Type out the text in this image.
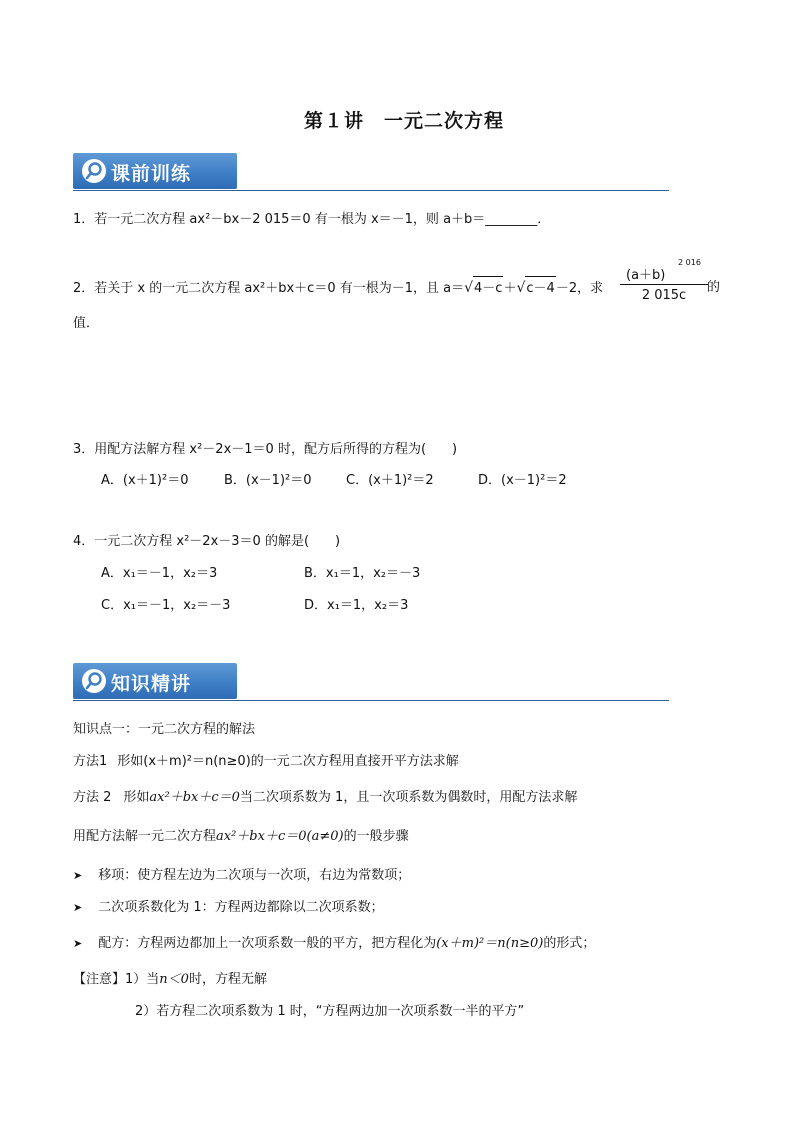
第１讲　一元二次方程
课前训练
1．若一元二次方程 ax²－bx－2 015＝0 有一根为 x＝－1，则 a＋b＝________．
2．若关于 x 的一元二次方程 ax²＋bx＋c＝0 有一根为－1，且 a＝√4－c＋√c－4－2，求
(a＋b)
2 016
2 015c
的
值．
3．用配方法解方程 x²－2x－1＝0 时，配方后所得的方程为(　　)
A．(x＋1)²＝0	B．(x－1)²＝0	C．(x＋1)²＝2	D．(x－1)²＝2
4．一元二次方程 x²－2x－3＝0 的解是(　　)
A．x₁＝－1，x₂＝3	B．x₁＝1，x₂＝－3
C．x₁＝－1，x₂＝－3	D．x₁＝1，x₂＝3
知识精讲
知识点一：一元二次方程的解法
方法1 形如(x＋m)²＝n(n≥0)的一元二次方程用直接开平方法求解
方法 2 形如ax²＋bx＋c＝0当二次项系数为 1，且一次项系数为偶数时，用配方法求解
用配方法解一元二次方程ax²＋bx＋c＝0(a≠0)的一般步骤
➤ 移项：使方程左边为二次项与一次项，右边为常数项；
➤ 二次项系数化为 1：方程两边都除以二次项系数；
➤ 配方：方程两边都加上一次项系数一般的平方，把方程化为(x＋m)²＝n(n≥0)的形式；
【注意】1）当n＜0时，方程无解
2）若方程二次项系数为 1 时，“方程两边加一次项系数一半的平方”
